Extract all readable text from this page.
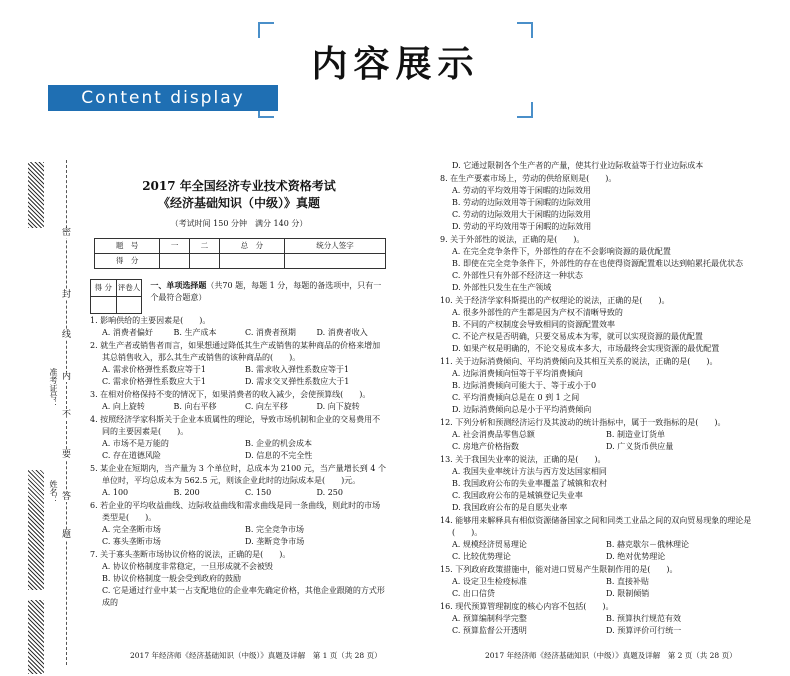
内容展示
Content display
密
封
线
内
不
要
答
题
准考证号：
姓名：
2017 年全国经济专业技术资格考试
《经济基础知识（中级）》真题
（考试时间 150 分钟　满分 140 分）
题　号	一	二	总　分	统分人签字
得　分				
得 分	评卷人
	一、单项选择题（共70 题，每题 1 分，每题的备选项中，只有一个最符合题意）
1. 影响供给的主要因素是(　　)。
A. 消费者偏好	B. 生产成本	C. 消费者预期	D. 消费者收入
2. 就生产者或销售者而言，如果想通过降低其生产或销售的某种商品的价格来增加其总销售收入，那么其生产或销售的该种商品的(　　)。
A. 需求价格弹性系数应等于1	B. 需求收入弹性系数应等于1
C. 需求价格弹性系数应大于1	D. 需求交叉弹性系数应大于1
3. 在相对价格保持不变的情况下，如果消费者的收入减少，会使预算线(　　)。
A. 向上旋转	B. 向右平移	C. 向左平移	D. 向下旋转
4. 按照经济学家科斯关于企业本质属性的理论，导致市场机制和企业的交易费用不同的主要因素是(　　)。
A. 市场不是万能的	B. 企业的机会成本
C. 存在道德风险	D. 信息的不完全性
5. 某企业在短期内，当产量为 3 个单位时，总成本为 2100 元，当产量增长到 4 个单位时，平均总成本为 562.5 元，则该企业此时的边际成本是(　　)元。
A. 100	B. 200	C. 150	D. 250
6. 若企业的平均收益曲线、边际收益曲线和需求曲线是同一条曲线，则此时的市场类型是(　　)。
A. 完全垄断市场	B. 完全竞争市场
C. 寡头垄断市场	D. 垄断竞争市场
7. 关于寡头垄断市场协议价格的说法，正确的是(　　)。
A. 协议价格制度非常稳定，一旦形成就不会被毁
B. 协议价格制度一般会受到政府的鼓励
C. 它是通过行业中某一占支配地位的企业率先确定价格，其他企业跟随的方式形成的
2017 年经济师《经济基础知识（中级）》真题及详解　第 1 页（共 28 页）
D. 它通过限制各个生产者的产量，使其行业边际收益等于行业边际成本
8. 在生产要素市场上，劳动的供给原则是(　　)。
A. 劳动的平均效用等于闲暇的边际效用
B. 劳动的边际效用等于闲暇的边际效用
C. 劳动的边际效用大于闲暇的边际效用
D. 劳动的平均效用等于闲暇的边际效用
9. 关于外部性的说法，正确的是(　　)。
A. 在完全竞争条件下，外部性的存在不会影响资源的最优配置
B. 即使在完全竞争条件下，外部性的存在也使得资源配置难以达到帕累托最优状态
C. 外部性只有外部不经济这一种状态
D. 外部性只发生在生产领域
10. 关于经济学家科斯提出的产权理论的说法，正确的是(　　)。
A. 很多外部性的产生都是因为产权不清晰导致的
B. 不同的产权制度会导致相同的资源配置效率
C. 不论产权是否明确，只要交易成本为零，就可以实现资源的最优配置
D. 如果产权是明确的，不论交易成本多大，市场最终会实现资源的最优配置
11. 关于边际消费倾向、平均消费倾向及其相互关系的说法，正确的是(　　)。
A. 边际消费倾向恒等于平均消费倾向
B. 边际消费倾向可能大于、等于或小于0
C. 平均消费倾向总是在 0 到 1 之间
D. 边际消费倾向总是小于平均消费倾向
12. 下列分析和预测经济运行及其波动的统计指标中，属于一致指标的是(　　)。
A. 社会消费品零售总额	B. 制造业订货单
C. 房地产价格指数	D. 广义货币供应量
13. 关于我国失业率的说法，正确的是(　　)。
A. 我国失业率统计方法与西方发达国家相同
B. 我国政府公布的失业率覆盖了城镇和农村
C. 我国政府公布的是城镇登记失业率
D. 我国政府公布的是自愿失业率
14. 能够用来解释具有相似资源储备国家之间和同类工业品之间的双向贸易现象的理论是(　　)。
A. 规模经济贸易理论	B. 赫克歇尔－俄林理论
C. 比较优势理论	D. 绝对优势理论
15. 下列政府政策措施中，能对进口贸易产生限制作用的是(　　)。
A. 设定卫生检疫标准	B. 直接补贴
C. 出口信贷	D. 限制倾销
16. 现代预算管理制度的核心内容不包括(　　)。
A. 预算编制科学完整	B. 预算执行规范有效
C. 预算监督公开透明	D. 预算评价可行统一
2017 年经济师《经济基础知识（中级）》真题及详解　第 2 页（共 28 页）
